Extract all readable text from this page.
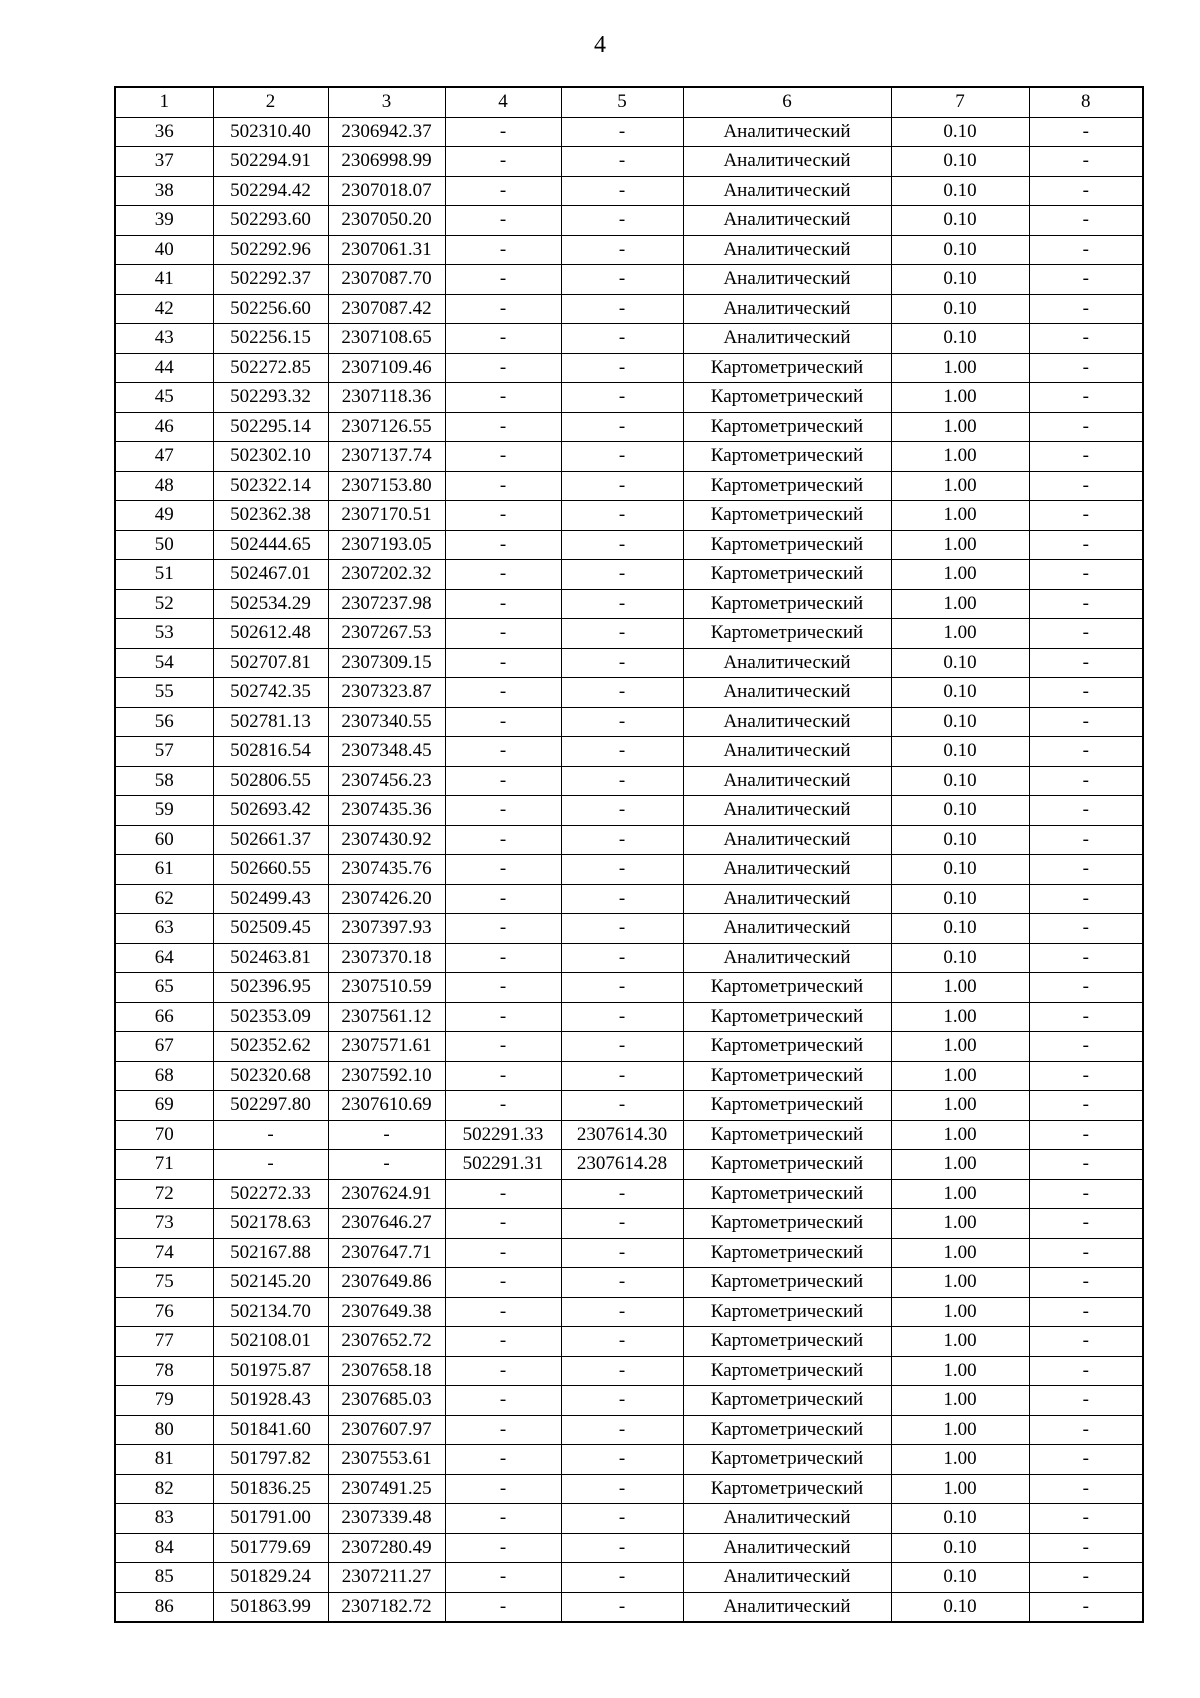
4
1	2	3	4	5	6	7	8
36	502310.40	2306942.37	-	-	Аналитический	0.10	-
37	502294.91	2306998.99	-	-	Аналитический	0.10	-
38	502294.42	2307018.07	-	-	Аналитический	0.10	-
39	502293.60	2307050.20	-	-	Аналитический	0.10	-
40	502292.96	2307061.31	-	-	Аналитический	0.10	-
41	502292.37	2307087.70	-	-	Аналитический	0.10	-
42	502256.60	2307087.42	-	-	Аналитический	0.10	-
43	502256.15	2307108.65	-	-	Аналитический	0.10	-
44	502272.85	2307109.46	-	-	Картометрический	1.00	-
45	502293.32	2307118.36	-	-	Картометрический	1.00	-
46	502295.14	2307126.55	-	-	Картометрический	1.00	-
47	502302.10	2307137.74	-	-	Картометрический	1.00	-
48	502322.14	2307153.80	-	-	Картометрический	1.00	-
49	502362.38	2307170.51	-	-	Картометрический	1.00	-
50	502444.65	2307193.05	-	-	Картометрический	1.00	-
51	502467.01	2307202.32	-	-	Картометрический	1.00	-
52	502534.29	2307237.98	-	-	Картометрический	1.00	-
53	502612.48	2307267.53	-	-	Картометрический	1.00	-
54	502707.81	2307309.15	-	-	Аналитический	0.10	-
55	502742.35	2307323.87	-	-	Аналитический	0.10	-
56	502781.13	2307340.55	-	-	Аналитический	0.10	-
57	502816.54	2307348.45	-	-	Аналитический	0.10	-
58	502806.55	2307456.23	-	-	Аналитический	0.10	-
59	502693.42	2307435.36	-	-	Аналитический	0.10	-
60	502661.37	2307430.92	-	-	Аналитический	0.10	-
61	502660.55	2307435.76	-	-	Аналитический	0.10	-
62	502499.43	2307426.20	-	-	Аналитический	0.10	-
63	502509.45	2307397.93	-	-	Аналитический	0.10	-
64	502463.81	2307370.18	-	-	Аналитический	0.10	-
65	502396.95	2307510.59	-	-	Картометрический	1.00	-
66	502353.09	2307561.12	-	-	Картометрический	1.00	-
67	502352.62	2307571.61	-	-	Картометрический	1.00	-
68	502320.68	2307592.10	-	-	Картометрический	1.00	-
69	502297.80	2307610.69	-	-	Картометрический	1.00	-
70	-	-	502291.33	2307614.30	Картометрический	1.00	-
71	-	-	502291.31	2307614.28	Картометрический	1.00	-
72	502272.33	2307624.91	-	-	Картометрический	1.00	-
73	502178.63	2307646.27	-	-	Картометрический	1.00	-
74	502167.88	2307647.71	-	-	Картометрический	1.00	-
75	502145.20	2307649.86	-	-	Картометрический	1.00	-
76	502134.70	2307649.38	-	-	Картометрический	1.00	-
77	502108.01	2307652.72	-	-	Картометрический	1.00	-
78	501975.87	2307658.18	-	-	Картометрический	1.00	-
79	501928.43	2307685.03	-	-	Картометрический	1.00	-
80	501841.60	2307607.97	-	-	Картометрический	1.00	-
81	501797.82	2307553.61	-	-	Картометрический	1.00	-
82	501836.25	2307491.25	-	-	Картометрический	1.00	-
83	501791.00	2307339.48	-	-	Аналитический	0.10	-
84	501779.69	2307280.49	-	-	Аналитический	0.10	-
85	501829.24	2307211.27	-	-	Аналитический	0.10	-
86	501863.99	2307182.72	-	-	Аналитический	0.10	-
